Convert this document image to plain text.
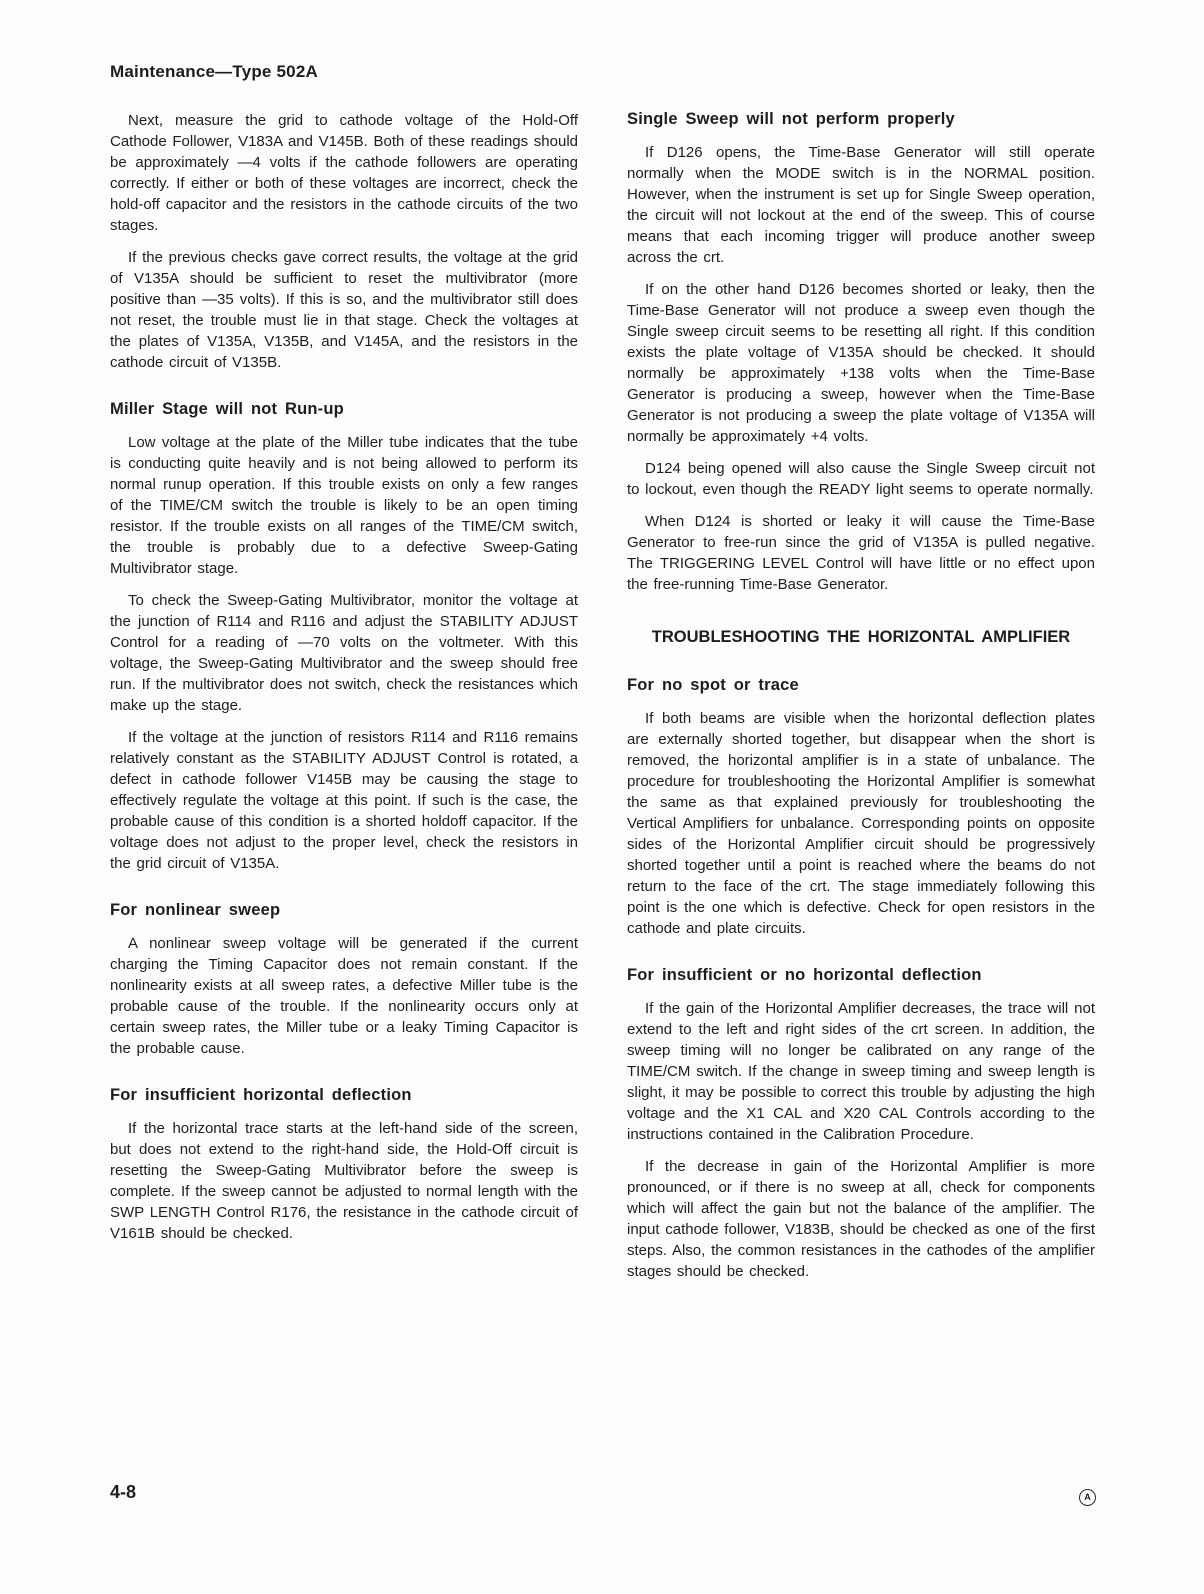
Maintenance—Type 502A

Next, measure the grid to cathode voltage of the Hold-Off Cathode Follower, V183A and V145B. Both of these readings should be approximately —4 volts if the cathode followers are operating correctly. If either or both of these voltages are incorrect, check the hold-off capacitor and the resistors in the cathode circuits of the two stages.

If the previous checks gave correct results, the voltage at the grid of V135A should be sufficient to reset the multivibrator (more positive than —35 volts). If this is so, and the multivibrator still does not reset, the trouble must lie in that stage. Check the voltages at the plates of V135A, V135B, and V145A, and the resistors in the cathode circuit of V135B.

Miller Stage will not Run-up

Low voltage at the plate of the Miller tube indicates that the tube is conducting quite heavily and is not being allowed to perform its normal runup operation. If this trouble exists on only a few ranges of the TIME/CM switch the trouble is likely to be an open timing resistor. If the trouble exists on all ranges of the TIME/CM switch, the trouble is probably due to a defective Sweep-Gating Multivibrator stage.

To check the Sweep-Gating Multivibrator, monitor the voltage at the junction of R114 and R116 and adjust the STABILITY ADJUST Control for a reading of —70 volts on the voltmeter. With this voltage, the Sweep-Gating Multivibrator and the sweep should free run. If the multivibrator does not switch, check the resistances which make up the stage.

If the voltage at the junction of resistors R114 and R116 remains relatively constant as the STABILITY ADJUST Control is rotated, a defect in cathode follower V145B may be causing the stage to effectively regulate the voltage at this point. If such is the case, the probable cause of this condition is a shorted holdoff capacitor. If the voltage does not adjust to the proper level, check the resistors in the grid circuit of V135A.

For nonlinear sweep

A nonlinear sweep voltage will be generated if the current charging the Timing Capacitor does not remain constant. If the nonlinearity exists at all sweep rates, a defective Miller tube is the probable cause of the trouble. If the nonlinearity occurs only at certain sweep rates, the Miller tube or a leaky Timing Capacitor is the probable cause.

For insufficient horizontal deflection

If the horizontal trace starts at the left-hand side of the screen, but does not extend to the right-hand side, the Hold-Off circuit is resetting the Sweep-Gating Multivibrator before the sweep is complete. If the sweep cannot be adjusted to normal length with the SWP LENGTH Control R176, the resistance in the cathode circuit of V161B should be checked.

Single Sweep will not perform properly

If D126 opens, the Time-Base Generator will still operate normally when the MODE switch is in the NORMAL position. However, when the instrument is set up for Single Sweep operation, the circuit will not lockout at the end of the sweep. This of course means that each incoming trigger will produce another sweep across the crt.

If on the other hand D126 becomes shorted or leaky, then the Time-Base Generator will not produce a sweep even though the Single sweep circuit seems to be resetting all right. If this condition exists the plate voltage of V135A should be checked. It should normally be approximately +138 volts when the Time-Base Generator is producing a sweep, however when the Time-Base Generator is not producing a sweep the plate voltage of V135A will normally be approximately +4 volts.

D124 being opened will also cause the Single Sweep circuit not to lockout, even though the READY light seems to operate normally.

When D124 is shorted or leaky it will cause the Time-Base Generator to free-run since the grid of V135A is pulled negative. The TRIGGERING LEVEL Control will have little or no effect upon the free-running Time-Base Generator.

TROUBLESHOOTING THE HORIZONTAL AMPLIFIER
For no spot or trace

If both beams are visible when the horizontal deflection plates are externally shorted together, but disappear when the short is removed, the horizontal amplifier is in a state of unbalance. The procedure for troubleshooting the Horizontal Amplifier is somewhat the same as that explained previously for troubleshooting the Vertical Amplifiers for unbalance. Corresponding points on opposite sides of the Horizontal Amplifier circuit should be progressively shorted together until a point is reached where the beams do not return to the face of the crt. The stage immediately following this point is the one which is defective. Check for open resistors in the cathode and plate circuits.

For insufficient or no horizontal deflection

If the gain of the Horizontal Amplifier decreases, the trace will not extend to the left and right sides of the crt screen. In addition, the sweep timing will no longer be calibrated on any range of the TIME/CM switch. If the change in sweep timing and sweep length is slight, it may be possible to correct this trouble by adjusting the high voltage and the X1 CAL and X20 CAL Controls according to the instructions contained in the Calibration Procedure.

If the decrease in gain of the Horizontal Amplifier is more pronounced, or if there is no sweep at all, check for components which will affect the gain but not the balance of the amplifier. The input cathode follower, V183B, should be checked as one of the first steps. Also, the common resistances in the cathodes of the amplifier stages should be checked.

4-8	A
